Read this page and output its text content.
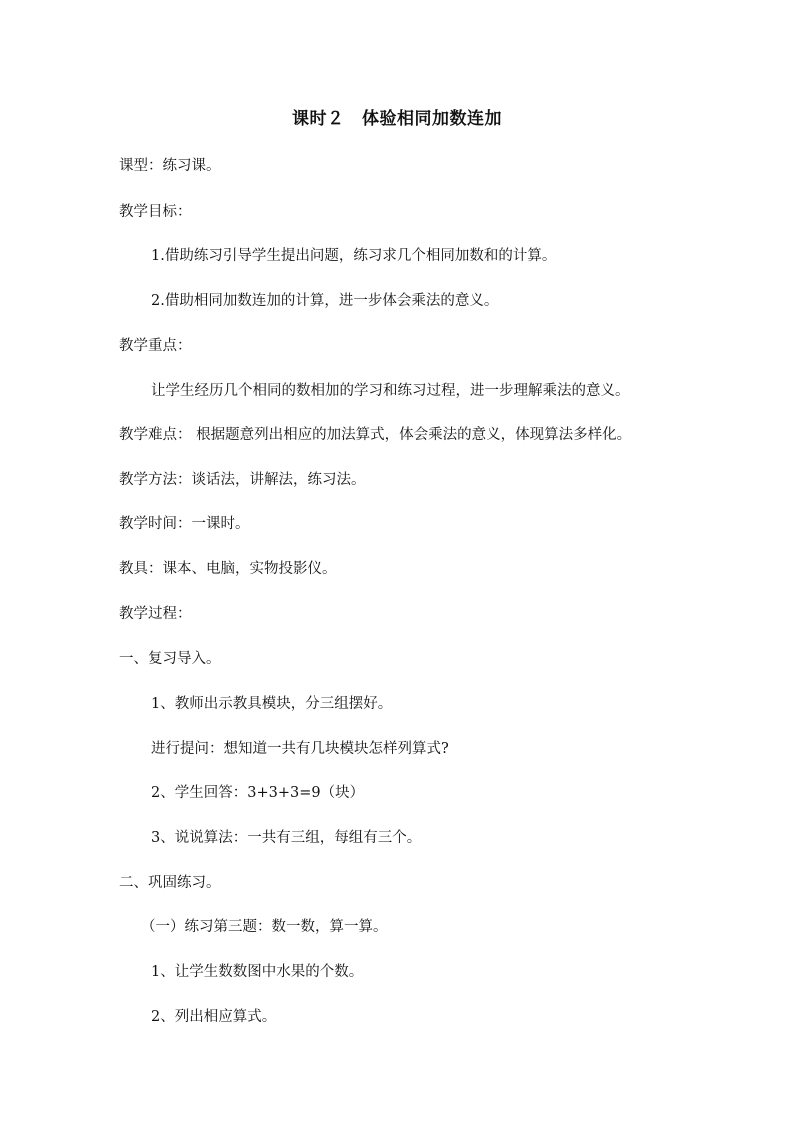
课时２　体验相同加数连加
课型：练习课。
教学目标：
1.借助练习引导学生提出问题，练习求几个相同加数和的计算。
2.借助相同加数连加的计算，进一步体会乘法的意义。
教学重点：
让学生经历几个相同的数相加的学习和练习过程，进一步理解乘法的意义。
教学难点： 根据题意列出相应的加法算式，体会乘法的意义，体现算法多样化。
教学方法：谈话法，讲解法，练习法。
教学时间：一课时。
教具：课本、电脑，实物投影仪。
教学过程：
一、复习导入。
1、教师出示教具模块，分三组摆好。
进行提问：想知道一共有几块模块怎样列算式?
2、学生回答：3+3+3=9（块）
3、说说算法：一共有三组，每组有三个。
二、巩固练习。
（一）练习第三题：数一数，算一算。
1、让学生数数图中水果的个数。
2、列出相应算式。
